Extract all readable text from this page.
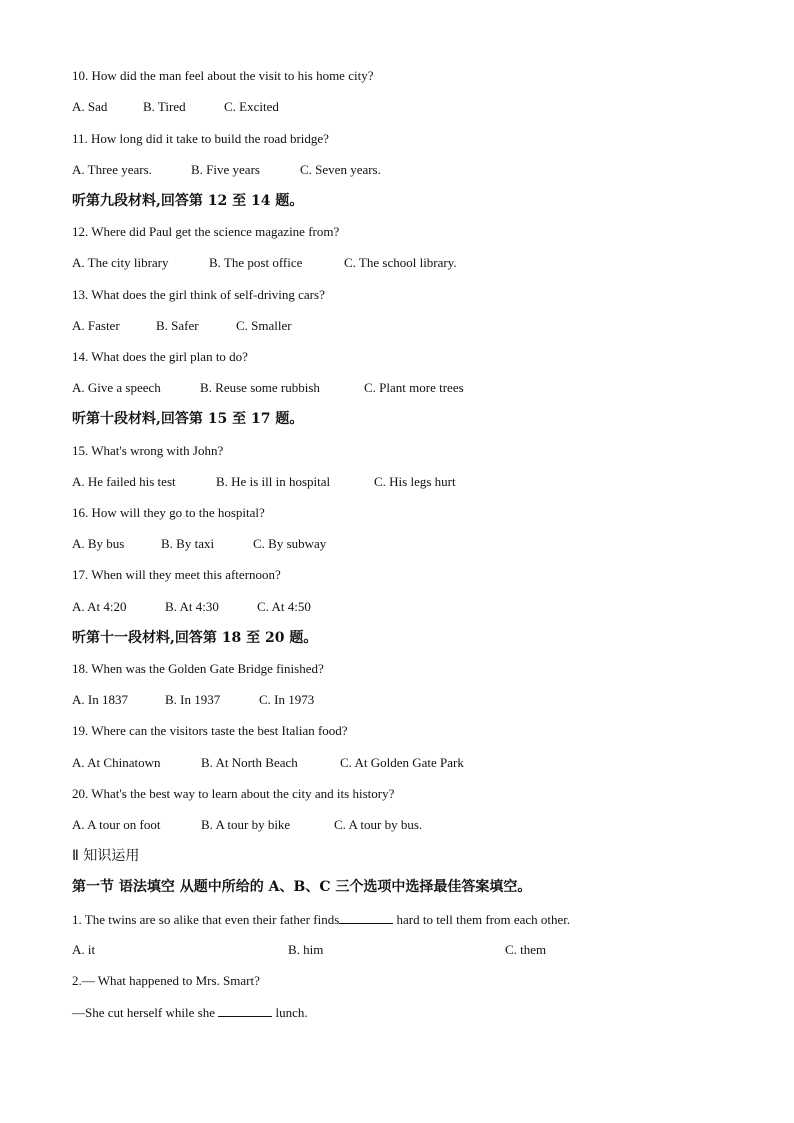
10. How did the man feel about the visit to his home city?
A. Sad	B. Tired	C. Excited
11. How long did it take to build the road bridge?
A. Three years.	B. Five years	C. Seven years.
听第九段材料,回答第 12 至 14 题。
12. Where did Paul get the science magazine from?
A. The city library	B. The post office	C. The school library.
13. What does the girl think of self-driving cars?
A. Faster	B. Safer	C. Smaller
14. What does the girl plan to do?
A. Give a speech	B. Reuse some rubbish	C. Plant more trees
听第十段材料,回答第 15 至 17 题。
15. What's wrong with John?
A. He failed his test	B. He is ill in hospital	C. His legs hurt
16. How will they go to the hospital?
A. By bus	B. By taxi	C. By subway
17. When will they meet this afternoon?
A. At 4:20	B. At 4:30	C. At 4:50
听第十一段材料,回答第 18 至 20 题。
18. When was the Golden Gate Bridge finished?
A. In 1837	B. In 1937	C. In 1973
19. Where can the visitors taste the best Italian food?
A. At Chinatown	B. At North Beach	C. At Golden Gate Park
20. What's the best way to learn about the city and its history?
A. A tour on foot	B. A tour by bike	C. A tour by bus.
Ⅱ 知识运用
第一节 语法填空 从题中所给的 A、B、C 三个选项中选择最佳答案填空。
1. The twins are so alike that even their father finds	hard to tell them from each other.
A. it	B. him	C. them
2.— What happened to Mrs. Smart?
—She cut herself while she	lunch.
